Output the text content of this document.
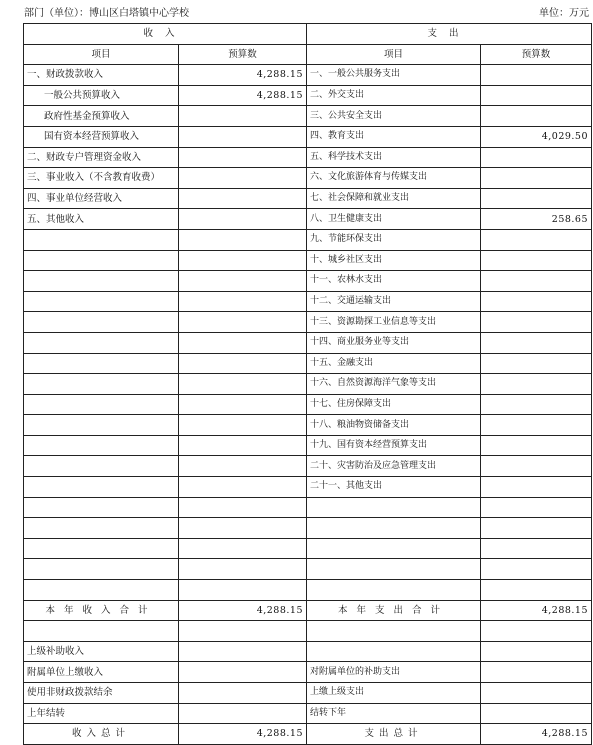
部门（单位）：博山区白塔镇中心学校	单位：万元
收入		支出	
项目	预算数	项目	预算数
一、财政拨款收入	4,288.15	一、一般公共服务支出	
一般公共预算收入	4,288.15	二、外交支出	
政府性基金预算收入		三、公共安全支出	
国有资本经营预算收入		四、教育支出	4,029.50
二、财政专户管理资金收入		五、科学技术支出	
三、事业收入（不含教育收费）		六、文化旅游体育与传媒支出	
四、事业单位经营收入		七、社会保障和就业支出	
五、其他收入		八、卫生健康支出	258.65
		九、节能环保支出	
		十、城乡社区支出	
		十一、农林水支出	
		十二、交通运输支出	
		十三、资源勘探工业信息等支出	
		十四、商业服务业等支出	
		十五、金融支出	
		十六、自然资源海洋气象等支出	
		十七、住房保障支出	
		十八、粮油物资储备支出	
		十九、国有资本经营预算支出	
		二十、灾害防治及应急管理支出	
		二十一、其他支出	

本年收入合计	4,288.15	本年支出合计	4,288.15

上级补助收入			
附属单位上缴收入		对附属单位的补助支出	
使用非财政拨款结余		上缴上级支出	
上年结转		结转下年	
收入总计	4,288.15	支出总计	4,288.15
